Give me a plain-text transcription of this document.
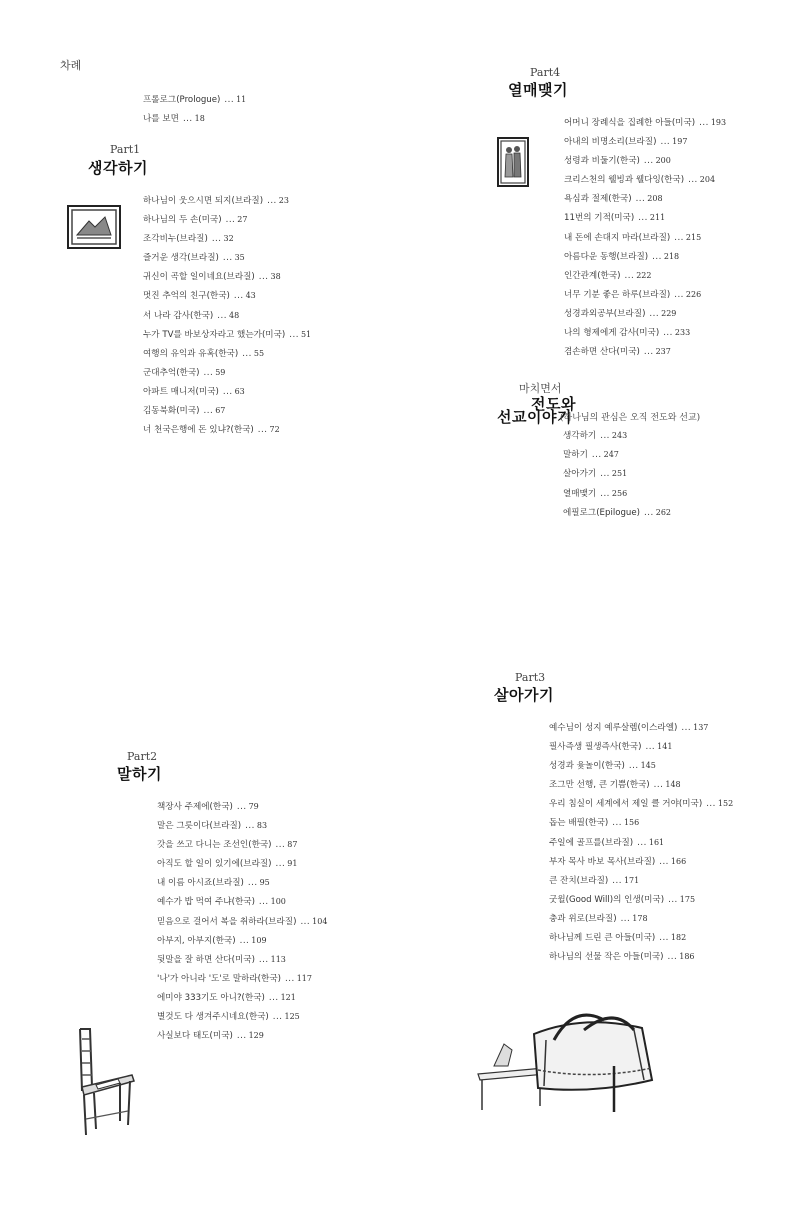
차례
프롤로그(Prologue) ... 11
나를 보면 ... 18
Part1
생각하기
하나님이 웃으시면 되지(브라질) ... 23
하나님의 두 손(미국) ... 27
조각비누(브라질) ... 32
즐거운 생각(브라질) ... 35
귀신이 곡할 일이네요(브라질) ... 38
멋진 추억의 친구(한국) ... 43
서 나라 감사(한국) ... 48
누가 TV를 바보상자라고 했는가(미국) ... 51
여행의 유익과 유혹(한국) ... 55
군대추억(한국) ... 59
아파트 매니저(미국) ... 63
김동북화(미국) ... 67
너 천국은행에 돈 있냐?(한국) ... 72
Part4
열매맺기
어머니 장례식을 집례한 아들(미국) ... 193
아내의 비명소리(브라질) ... 197
성령과 비둘기(한국) ... 200
크리스천의 웰빙과 웰다잉(한국) ... 204
욕심과 절제(한국) ... 208
11번의 기적(미국) ... 211
내 돈에 손대지 마라(브라질) ... 215
아름다운 동행(브라질) ... 218
인간관계(한국) ... 222
너무 기분 좋은 하루(브라질) ... 226
성경과외공부(브라질) ... 229
나의 형제에게 감사(미국) ... 233
겸손하면 산다(미국) ... 237
마치면서
전도와
선교이야기
(하나님의 관심은 오직 전도와 선교)
생각하기 ... 243
말하기 ... 247
살아가기 ... 251
열매맺기 ... 256
에필로그(Epilogue) ... 262
Part3
살아가기
예수님이 성지 예루살렘(이스라엘) ... 137
필사즉생 필생즉사(한국) ... 141
성경과 윷놀이(한국) ... 145
조그만 선행, 큰 기쁨(한국) ... 148
우리 침실이 세계에서 제일 클 거야(미국) ... 152
돕는 배필(한국) ... 156
주일에 골프를(브라질) ... 161
부자 목사 바보 목사(브라질) ... 166
큰 잔치(브라질) ... 171
굿윌(Good Will)의 인생(미국) ... 175
충과 위로(브라질) ... 178
하나님께 드린 큰 아들(미국) ... 182
하나님의 선물 작은 아들(미국) ... 186
Part2
말하기
책장사 주제에(한국) ... 79
말은 그릇이다(브라질) ... 83
갓을 쓰고 다니는 조선인(한국) ... 87
아직도 할 일이 있기에(브라질) ... 91
내 이름 아시죠(브라질) ... 95
예수가 밥 먹여 주냐(한국) ... 100
믿음으로 걸어서 복을 취하라(브라질) ... 104
아부지, 아부지(한국) ... 109
뒷말을 잘 하면 산다(미국) ... 113
'나'가 아니라 '도'로 말하라(한국) ... 117
에미야 333기도 아니?(한국) ... 121
별것도 다 생겨주시네요(한국) ... 125
사실보다 태도(미국) ... 129
